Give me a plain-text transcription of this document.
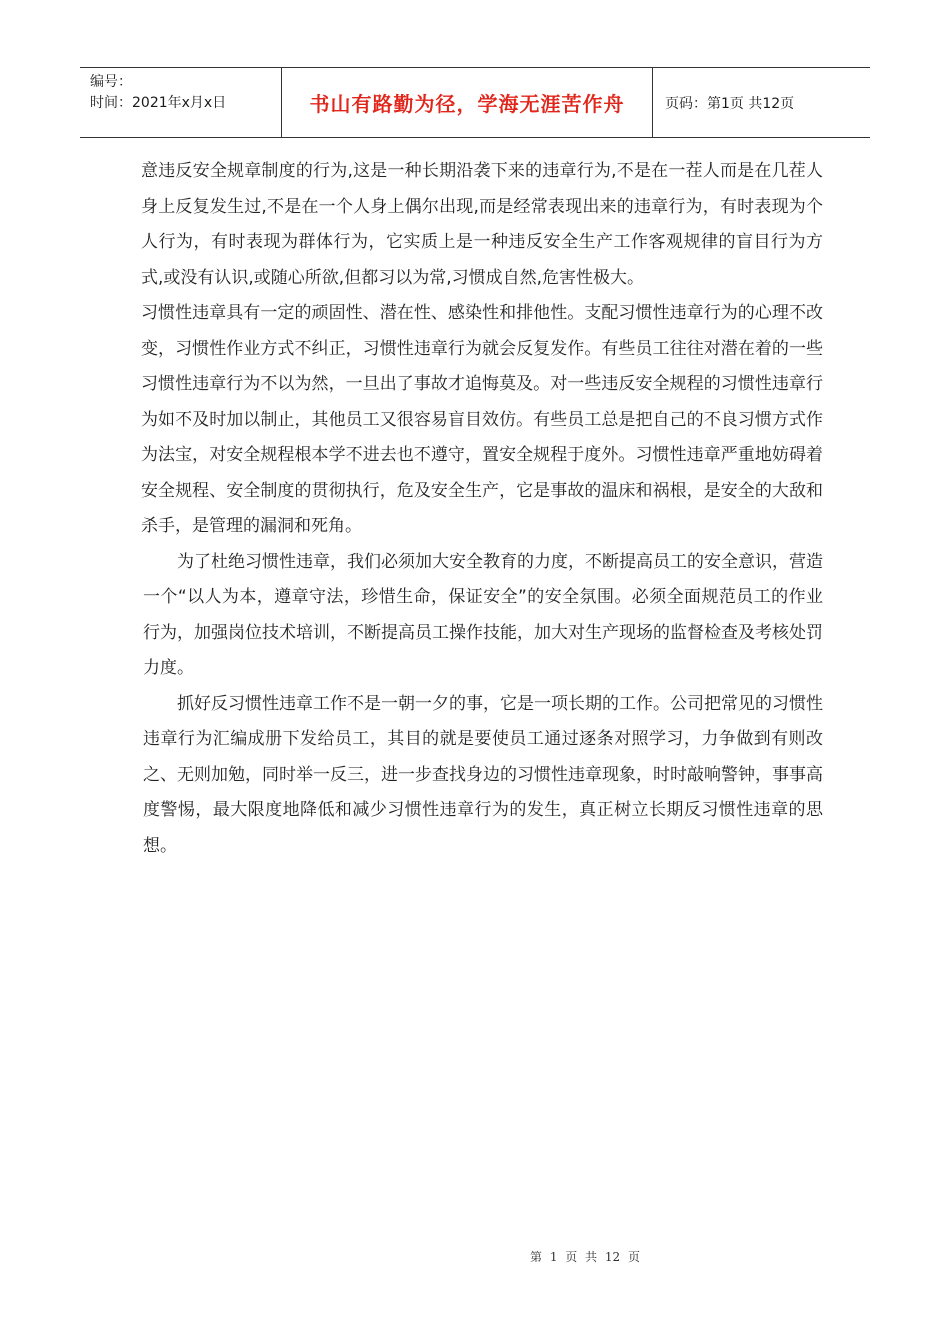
编号：
时间：2021年x月x日	书山有路勤为径，学海无涯苦作舟	页码：第1页 共12页

意违反安全规章制度的行为,这是一种长期沿袭下来的违章行为,不是在一茬人而是在几茬人身上反复发生过,不是在一个人身上偶尔出现,而是经常表现出来的违章行为，有时表现为个人行为，有时表现为群体行为，它实质上是一种违反安全生产工作客观规律的盲目行为方式,或没有认识,或随心所欲,但都习以为常,习惯成自然,危害性极大。

习惯性违章具有一定的顽固性、潜在性、感染性和排他性。支配习惯性违章行为的心理不改变，习惯性作业方式不纠正，习惯性违章行为就会反复发作。有些员工往往对潜在着的一些习惯性违章行为不以为然，一旦出了事故才追悔莫及。对一些违反安全规程的习惯性违章行为如不及时加以制止，其他员工又很容易盲目效仿。有些员工总是把自己的不良习惯方式作为法宝，对安全规程根本学不进去也不遵守，置安全规程于度外。习惯性违章严重地妨碍着安全规程、安全制度的贯彻执行，危及安全生产，它是事故的温床和祸根，是安全的大敌和杀手，是管理的漏洞和死角。

为了杜绝习惯性违章，我们必须加大安全教育的力度，不断提高员工的安全意识，营造一个“以人为本，遵章守法，珍惜生命，保证安全”的安全氛围。必须全面规范员工的作业行为，加强岗位技术培训，不断提高员工操作技能，加大对生产现场的监督检查及考核处罚力度。

抓好反习惯性违章工作不是一朝一夕的事，它是一项长期的工作。公司把常见的习惯性违章行为汇编成册下发给员工，其目的就是要使员工通过逐条对照学习，力争做到有则改之、无则加勉，同时举一反三，进一步查找身边的习惯性违章现象，时时敲响警钟，事事高度警惕，最大限度地降低和减少习惯性违章行为的发生，真正树立长期反习惯性违章的思想。

第 1 页 共 12 页
